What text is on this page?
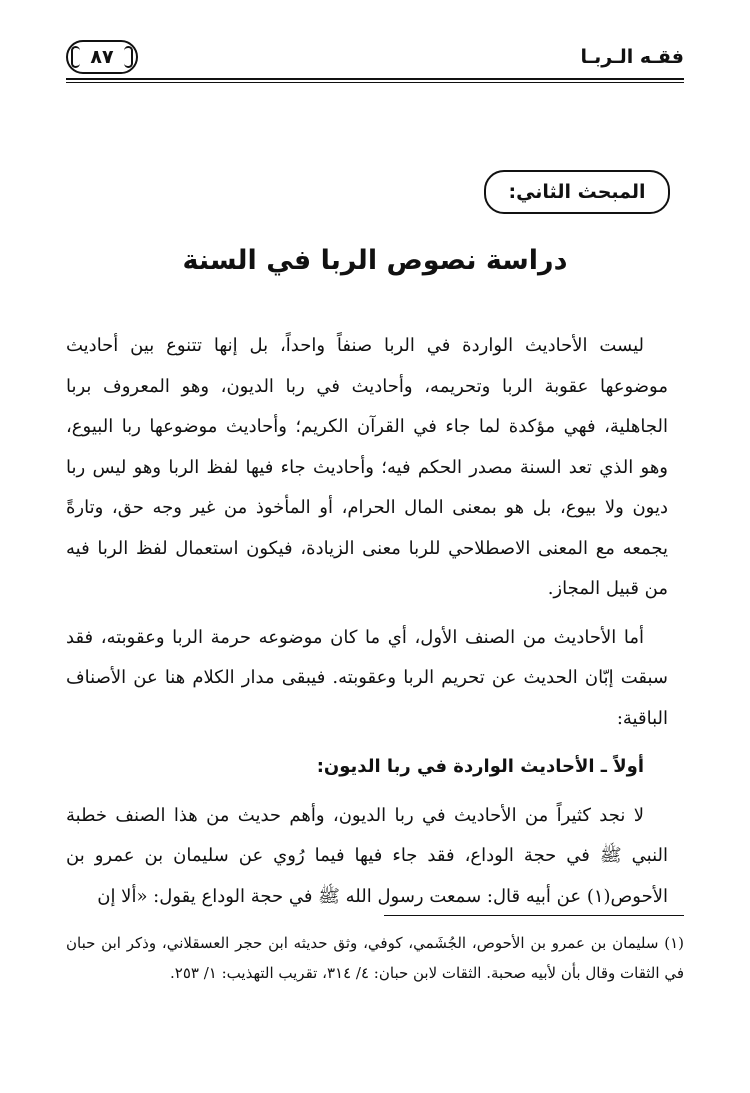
فقـه الـربـا
٨٧
المبحث الثاني:
دراسة نصوص الربا في السنة

ليست الأحاديث الواردة في الربا صنفاً واحداً، بل إنها تتنوع بين أحاديث موضوعها عقوبة الربا وتحريمه، وأحاديث في ربا الديون، وهو المعروف بربا الجاهلية، فهي مؤكدة لما جاء في القرآن الكريم؛ وأحاديث موضوعها ربا البيوع، وهو الذي تعد السنة مصدر الحكم فيه؛ وأحاديث جاء فيها لفظ الربا وهو ليس ربا ديون ولا بيوع، بل هو بمعنى المال الحرام، أو المأخوذ من غير وجه حق، وتارةً يجمعه مع المعنى الاصطلاحي للربا معنى الزيادة، فيكون استعمال لفظ الربا فيه من قبيل المجاز.

أما الأحاديث من الصنف الأول، أي ما كان موضوعه حرمة الربا وعقوبته، فقد سبقت إبّان الحديث عن تحريم الربا وعقوبته. فيبقى مدار الكلام هنا عن الأصناف الباقية:

أولاً ـ الأحاديث الواردة في ربا الديون:

لا نجد كثيراً من الأحاديث في ربا الديون، وأهم حديث من هذا الصنف خطبة النبي ﷺ في حجة الوداع، فقد جاء فيها فيما رُوي عن سليمان بن عمرو بن الأحوص(١) عن أبيه قال: سمعت رسول الله ﷺ في حجة الوداع يقول: «ألا إن

(١) سليمان بن عمرو بن الأحوص، الجُشَمي، كوفي، وثق حديثه ابن حجر العسقلاني، وذكر ابن حبان في الثقات وقال بأن لأبيه صحبة. الثقات لابن حبان: ٤/ ٣١٤، تقريب التهذيب: ١/ ٢٥٣.
